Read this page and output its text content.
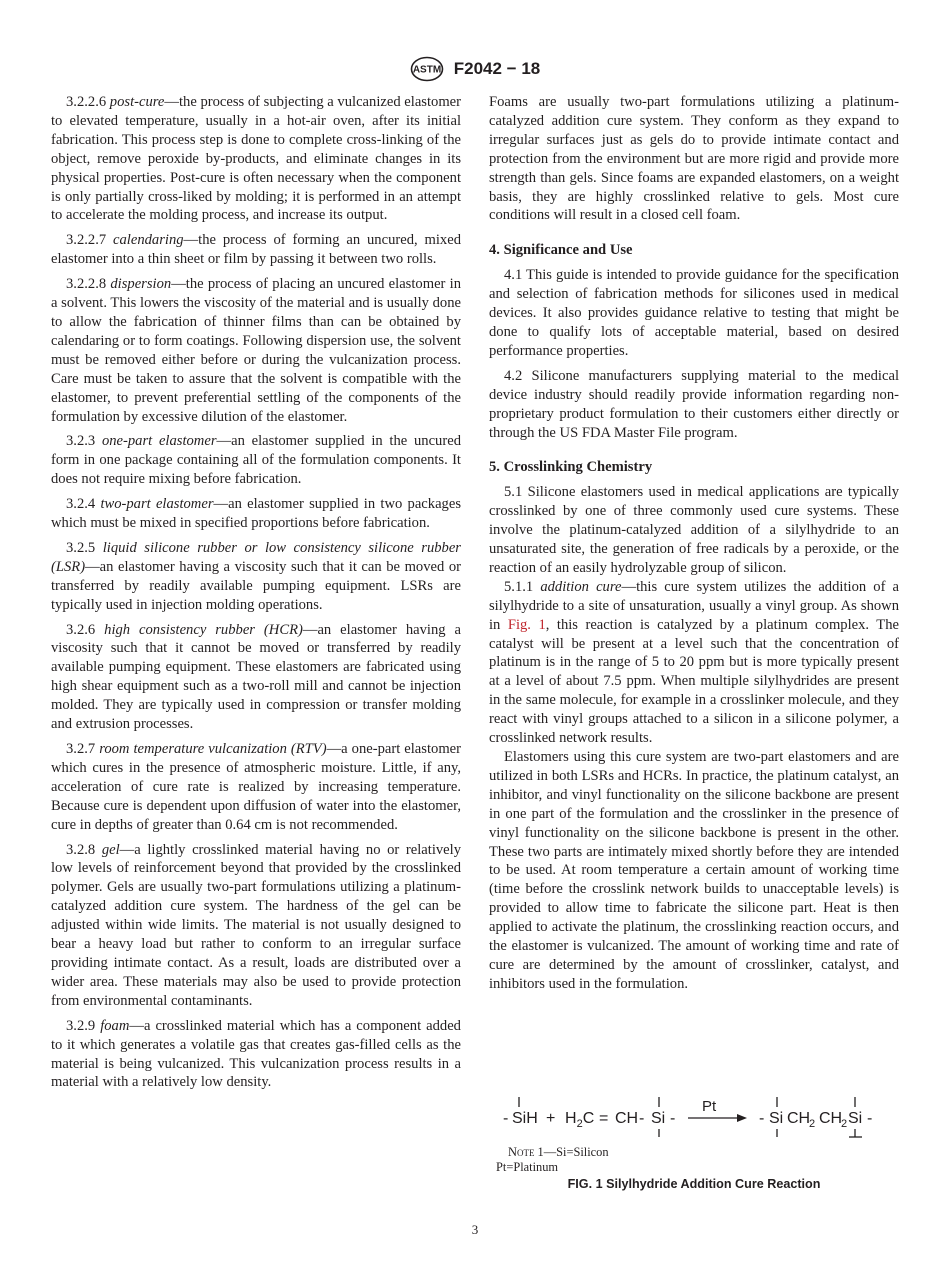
ASTM F2042 − 18

3.2.2.6 post-cure—the process of subjecting a vulcanized elastomer to elevated temperature, usually in a hot-air oven, after its initial fabrication. This process step is done to complete cross-linking of the object, remove peroxide by-products, and eliminate changes in its physical properties. Post-cure is often necessary when the component is only partially cross-liked by molding; it is performed in an attempt to accelerate the molding process, and increase its output.

3.2.2.7 calendaring—the process of forming an uncured, mixed elastomer into a thin sheet or film by passing it between two rolls.

3.2.2.8 dispersion—the process of placing an uncured elastomer in a solvent. This lowers the viscosity of the material and is usually done to allow the fabrication of thinner films than can be obtained by calendaring or to form coatings. Following dispersion use, the solvent must be removed either before or during the vulcanization process. Care must be taken to assure that the solvent is compatible with the elastomer, to prevent preferential settling of the components of the formulation by excessive dilution of the elastomer.

3.2.3 one-part elastomer—an elastomer supplied in the uncured form in one package containing all of the formulation components. It does not require mixing before fabrication.

3.2.4 two-part elastomer—an elastomer supplied in two packages which must be mixed in specified proportions before fabrication.

3.2.5 liquid silicone rubber or low consistency silicone rubber (LSR)—an elastomer having a viscosity such that it can be moved or transferred by readily available pumping equipment. LSRs are typically used in injection molding operations.

3.2.6 high consistency rubber (HCR)—an elastomer having a viscosity such that it cannot be moved or transferred by readily available pumping equipment. These elastomers are fabricated using high shear equipment such as a two-roll mill and cannot be injection molded. They are typically used in compression or transfer molding and extrusion processes.

3.2.7 room temperature vulcanization (RTV)—a one-part elastomer which cures in the presence of atmospheric moisture. Little, if any, acceleration of cure rate is realized by increasing temperature. Because cure is dependent upon diffusion of water into the elastomer, cure in depths of greater than 0.64 cm is not recommended.

3.2.8 gel—a lightly crosslinked material having no or relatively low levels of reinforcement beyond that provided by the crosslinked polymer. Gels are usually two-part formulations utilizing a platinum-catalyzed addition cure system. The hardness of the gel can be adjusted within wide limits. The material is not usually designed to bear a heavy load but rather to conform to an irregular surface providing intimate contact. As a result, loads are distributed over a wider area. These materials may also be used to provide protection from environmental contaminants.

3.2.9 foam—a crosslinked material which has a component added to it which generates a volatile gas that creates gas-filled cells as the material is being vulcanized. This vulcanization process results in a material with a relatively low density.

Foams are usually two-part formulations utilizing a platinum-catalyzed addition cure system. They conform as they expand to irregular surfaces just as gels do to provide intimate contact and protection from the environment but are more rigid and provide more strength than gels. Since foams are expanded elastomers, on a weight basis, they are highly crosslinked relative to gels. Most cure conditions will result in a closed cell foam.

4. Significance and Use

4.1 This guide is intended to provide guidance for the specification and selection of fabrication methods for silicones used in medical devices. It also provides guidance relative to testing that might be done to qualify lots of acceptable material, based on desired performance properties.

4.2 Silicone manufacturers supplying material to the medical device industry should readily provide information regarding non-proprietary product formulation to their customers either directly or through the US FDA Master File program.

5. Crosslinking Chemistry

5.1 Silicone elastomers used in medical applications are typically crosslinked by one of three commonly used cure systems. These involve the platinum-catalyzed addition of a silylhydride to an unsaturated site, the generation of free radicals by a peroxide, or the reaction of an easily hydrolyzable group of silicon.

5.1.1 addition cure—this cure system utilizes the addition of a silylhydride to a site of unsaturation, usually a vinyl group. As shown in Fig. 1, this reaction is catalyzed by a platinum complex. The catalyst will be present at a level such that the concentration of platinum is in the range of 5 to 20 ppm but is more typically present at a level of about 7.5 ppm. When multiple silylhydrides are present in the same molecule, for example in a crosslinker molecule, and they react with vinyl groups attached to a silicon in a silicone polymer, a crosslinked network results.

Elastomers using this cure system are two-part elastomers and are utilized in both LSRs and HCRs. In practice, the platinum catalyst, an inhibitor, and vinyl functionality on the silicone backbone are present in one part of the formulation and the crosslinker in the presence of vinyl functionality on the silicone backbone is present in the other. These two parts are intimately mixed shortly before they are intended to be used. At room temperature a certain amount of working time (time before the crosslink network builds to unacceptable levels) is provided to allow time to fabricate the silicone part. Heat is then applied to activate the platinum, the crosslinking reaction occurs, and the elastomer is vulcanized. The amount of working time and rate of cure are determined by the amount of crosslinker, catalyst, and inhibitors used in the formulation.

- SiH + $H_2C$ = CH - Si -
Pt
- Si CH
2 CH
2 Si -
Note 1—Si=Silicon
Pt=Platinum
FIG. 1 Silylhydride Addition Cure Reaction
3
